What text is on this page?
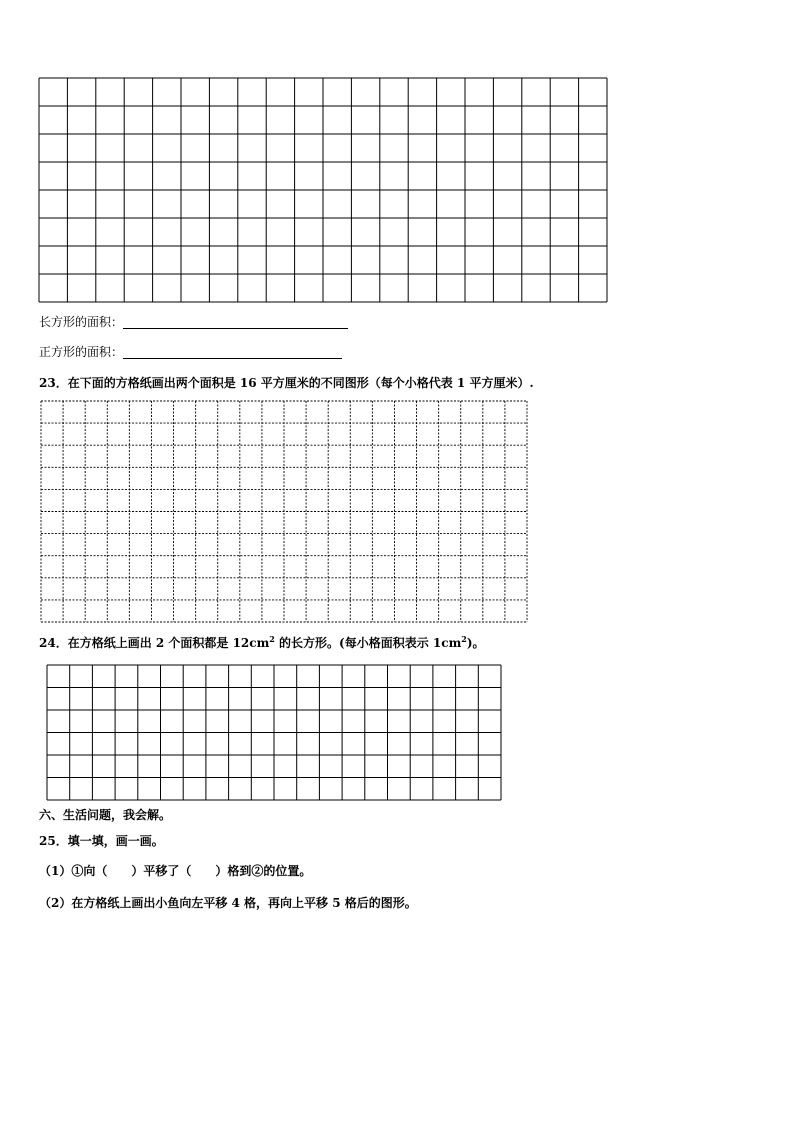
长方形的面积：
正方形的面积：
23．在下面的方格纸画出两个面积是 16 平方厘米的不同图形（每个小格代表 1 平方厘米）.
24．在方格纸上画出 2 个面积都是 $12cm^2$ 的长方形。(每小格面积表示 $1cm^2$)。
六、生活问题，我会解。
25．填一填，画一画。
（1）①向（　　）平移了（　　）格到②的位置。
（2）在方格纸上画出小鱼向左平移 4 格，再向上平移 5 格后的图形。
